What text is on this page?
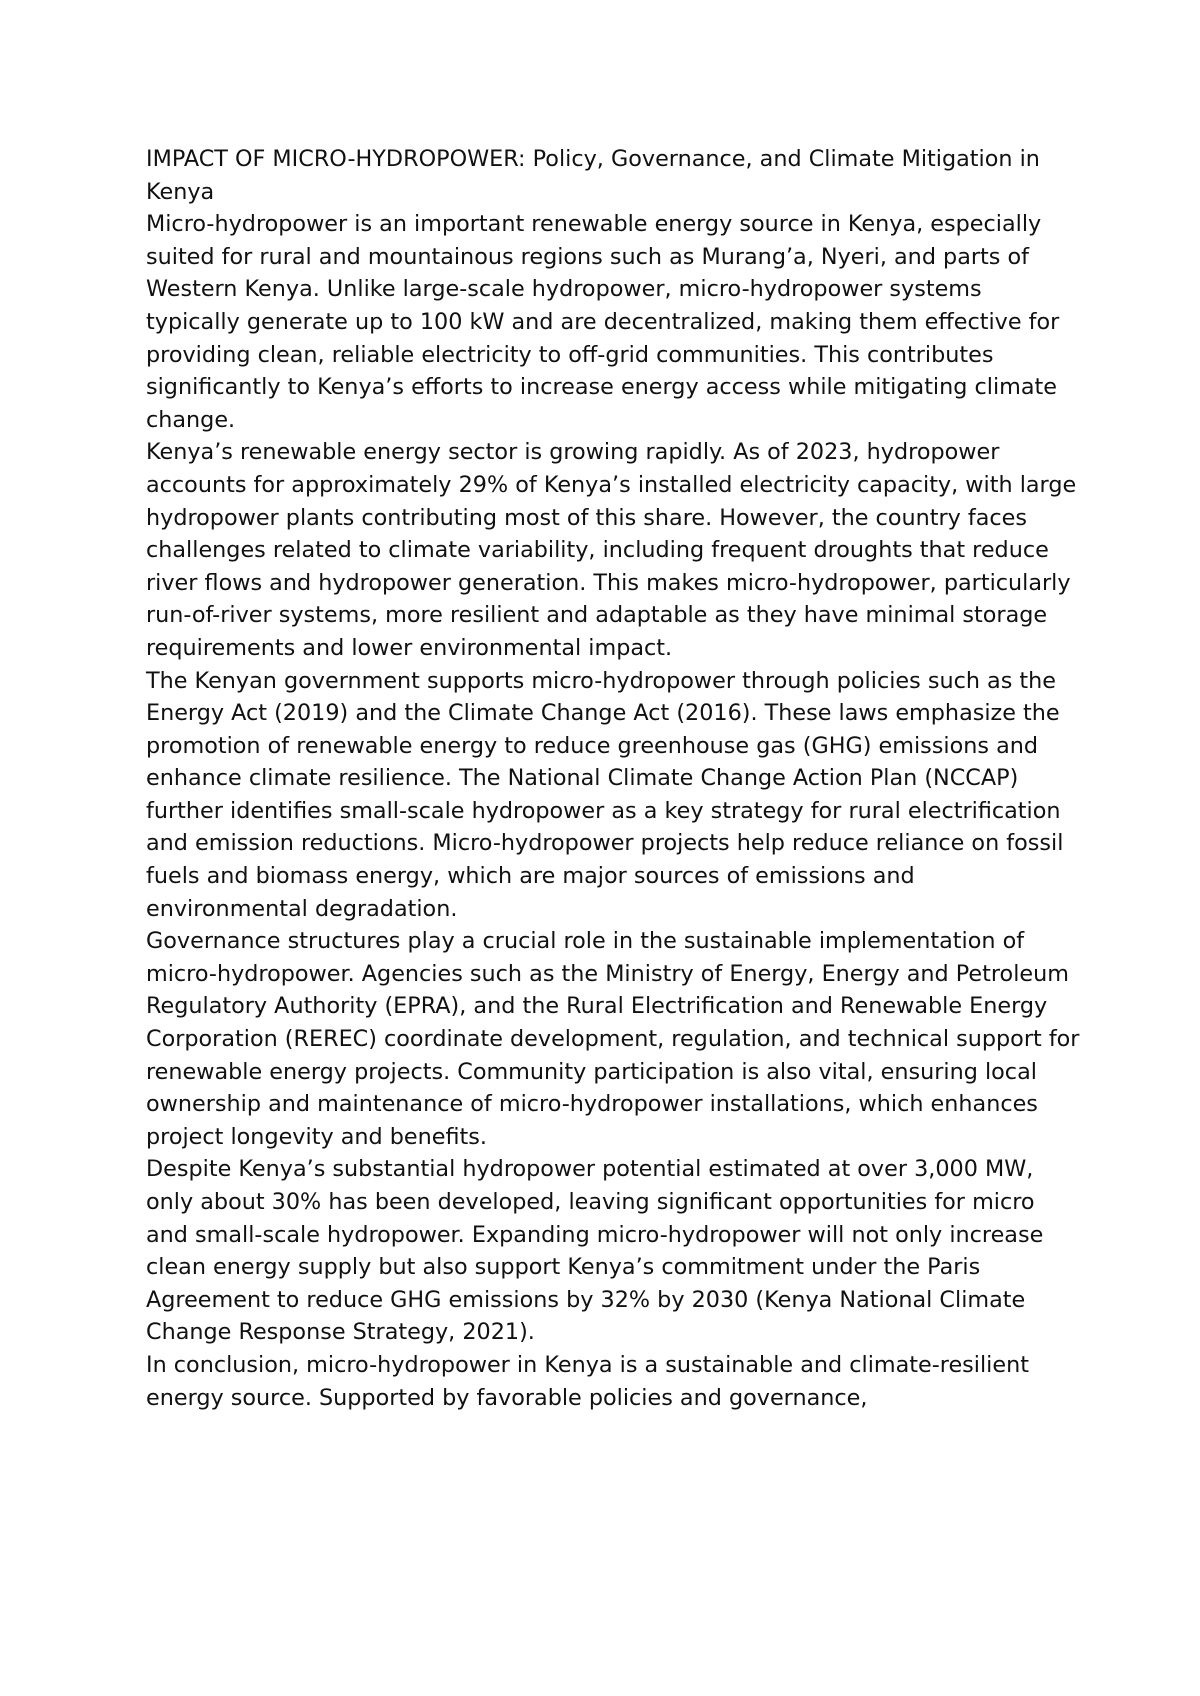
IMPACT OF MICRO-HYDROPOWER: Policy, Governance, and Climate Mitigation in Kenya

Micro-hydropower is an important renewable energy source in Kenya, especially suited for rural and mountainous regions such as Murang’a, Nyeri, and parts of Western Kenya. Unlike large-scale hydropower, micro-hydropower systems typically generate up to 100 kW and are decentralized, making them effective for providing clean, reliable electricity to off-grid communities. This contributes significantly to Kenya’s efforts to increase energy access while mitigating climate change.

Kenya’s renewable energy sector is growing rapidly. As of 2023, hydropower accounts for approximately 29% of Kenya’s installed electricity capacity, with large hydropower plants contributing most of this share. However, the country faces challenges related to climate variability, including frequent droughts that reduce river flows and hydropower generation. This makes micro-hydropower, particularly run-of-river systems, more resilient and adaptable as they have minimal storage requirements and lower environmental impact.

The Kenyan government supports micro-hydropower through policies such as the Energy Act (2019) and the Climate Change Act (2016). These laws emphasize the promotion of renewable energy to reduce greenhouse gas (GHG) emissions and enhance climate resilience. The National Climate Change Action Plan (NCCAP) further identifies small-scale hydropower as a key strategy for rural electrification and emission reductions. Micro-hydropower projects help reduce reliance on fossil fuels and biomass energy, which are major sources of emissions and environmental degradation.

Governance structures play a crucial role in the sustainable implementation of micro-hydropower. Agencies such as the Ministry of Energy, Energy and Petroleum Regulatory Authority (EPRA), and the Rural Electrification and Renewable Energy Corporation (REREC) coordinate development, regulation, and technical support for renewable energy projects. Community participation is also vital, ensuring local ownership and maintenance of micro-hydropower installations, which enhances project longevity and benefits.

Despite Kenya’s substantial hydropower potential estimated at over 3,000 MW, only about 30% has been developed, leaving significant opportunities for micro and small-scale hydropower. Expanding micro-hydropower will not only increase clean energy supply but also support Kenya’s commitment under the Paris Agreement to reduce GHG emissions by 32% by 2030 (Kenya National Climate Change Response Strategy, 2021).

In conclusion, micro-hydropower in Kenya is a sustainable and climate-resilient energy source. Supported by favorable policies and governance,
